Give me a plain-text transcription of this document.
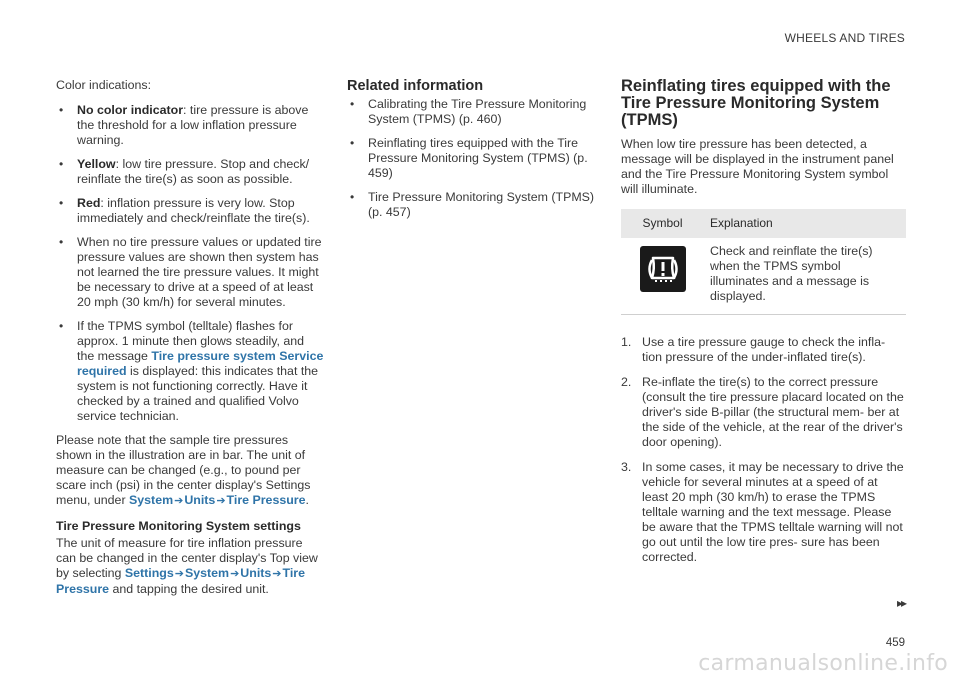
WHEELS AND TIRES

Color indications:

• No color indicator: tire pressure is above the threshold for a low inflation pressure warning.
• Yellow: low tire pressure. Stop and check/ reinflate the tire(s) as soon as possible.
• Red: inflation pressure is very low. Stop immediately and check/reinflate the tire(s).
• When no tire pressure values or updated tire pressure values are shown then system has not learned the tire pressure values. It might be necessary to drive at a speed of at least 20 mph (30 km/h) for several minutes.
• If the TPMS symbol (telltale) flashes for approx. 1 minute then glows steadily, and the message Tire pressure system Service required is displayed: this indicates that the system is not functioning correctly. Have it checked by a trained and qualified Volvo service technician.

Please note that the sample tire pressures shown in the illustration are in bar. The unit of measure can be changed (e.g., to pound per scare inch (psi) in the center display's Settings menu, under System➔Units➔Tire Pressure.

Tire Pressure Monitoring System settings

The unit of measure for tire inflation pressure can be changed in the center display's Top view by selecting Settings➔System➔Units➔Tire Pressure and tapping the desired unit.

Related information
• Calibrating the Tire Pressure Monitoring System (TPMS) (p. 460)
• Reinflating tires equipped with the Tire Pressure Monitoring System (TPMS) (p. 459)
• Tire Pressure Monitoring System (TPMS) (p. 457)
Reinflating tires equipped with the Tire Pressure Monitoring System (TPMS)

When low tire pressure has been detected, a message will be displayed in the instrument panel and the Tire Pressure Monitoring System symbol will illuminate.

Symbol	Explanation
	Check and reinflate the tire(s) when the TPMS symbol illuminates and a message is displayed.
1. Use a tire pressure gauge to check the infla- tion pressure of the under-inflated tire(s).
2. Re-inflate the tire(s) to the correct pressure (consult the tire pressure placard located on the driver's side B-pillar (the structural mem- ber at the side of the vehicle, at the rear of the driver's door opening).
3. In some cases, it may be necessary to drive the vehicle for several minutes at a speed of at least 20 mph (30 km/h) to erase the TPMS telltale warning and the text message. Please be aware that the TPMS telltale warning will not go out until the low tire pres- sure has been corrected.
▸▸
459
carmanualsonline.info
